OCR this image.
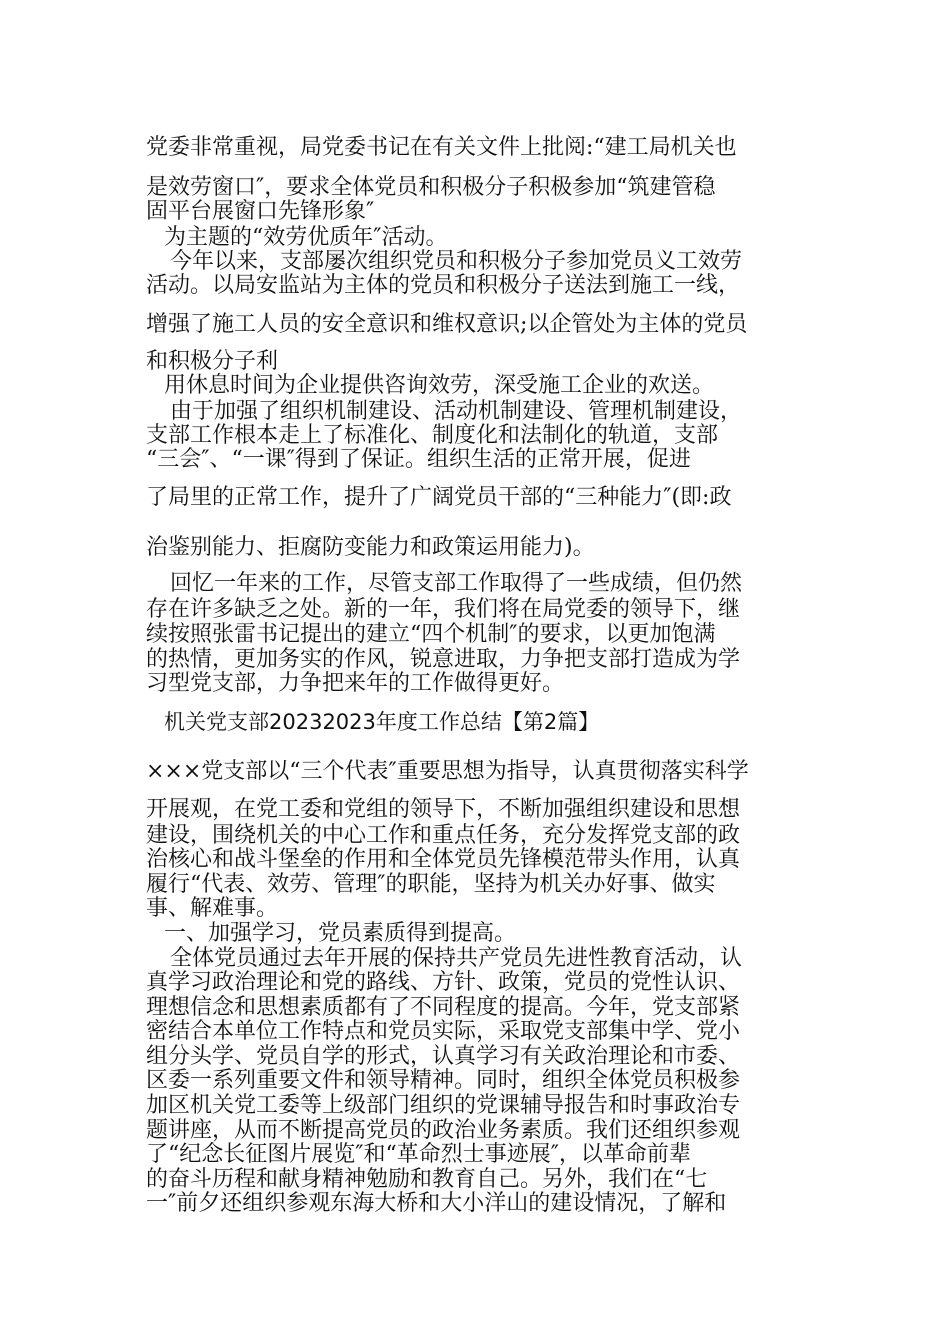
党委非常重视，局党委书记在有关文件上批阅:“建工局机关也

是效劳窗口″，要求全体党员和积极分子积极参加“筑建管稳

固平台展窗口先锋形象″

为主题的“效劳优质年″活动。

今年以来，支部屡次组织党员和积极分子参加党员义工效劳

活动。以局安监站为主体的党员和积极分子送法到施工一线，

增强了施工人员的安全意识和维权意识;以企管处为主体的党员

和积极分子利

用休息时间为企业提供咨询效劳，深受施工企业的欢送。

由于加强了组织机制建设、活动机制建设、管理机制建设，

支部工作根本走上了标准化、制度化和法制化的轨道，支部

“三会″、“一课″得到了保证。组织生活的正常开展，促进

了局里的正常工作，提升了广阔党员干部的“三种能力″(即:政

治鉴别能力、拒腐防变能力和政策运用能力)。

回忆一年来的工作，尽管支部工作取得了一些成绩，但仍然

存在许多缺乏之处。新的一年，我们将在局党委的领导下，继

续按照张雷书记提出的建立“四个机制″的要求，以更加饱满

的热情，更加务实的作风，锐意进取，力争把支部打造成为学

习型党支部，力争把来年的工作做得更好。

机关党支部20232023年度工作总结【第2篇】

×××党支部以“三个代表″重要思想为指导，认真贯彻落实科学

开展观，在党工委和党组的领导下，不断加强组织建设和思想

建设，围绕机关的中心工作和重点任务，充分发挥党支部的政

治核心和战斗堡垒的作用和全体党员先锋模范带头作用，认真

履行“代表、效劳、管理″的职能，坚持为机关办好事、做实

事、解难事。

一、加强学习，党员素质得到提高。

全体党员通过去年开展的保持共产党员先进性教育活动，认

真学习政治理论和党的路线、方针、政策，党员的党性认识、

理想信念和思想素质都有了不同程度的提高。今年，党支部紧

密结合本单位工作特点和党员实际，采取党支部集中学、党小

组分头学、党员自学的形式，认真学习有关政治理论和市委、

区委一系列重要文件和领导精神。同时，组织全体党员积极参

加区机关党工委等上级部门组织的党课辅导报告和时事政治专

题讲座，从而不断提高党员的政治业务素质。我们还组织参观

了“纪念长征图片展览″和“革命烈士事迹展″，以革命前辈

的奋斗历程和献身精神勉励和教育自己。另外，我们在“七

一″前夕还组织参观东海大桥和大小洋山的建设情况，了解和
